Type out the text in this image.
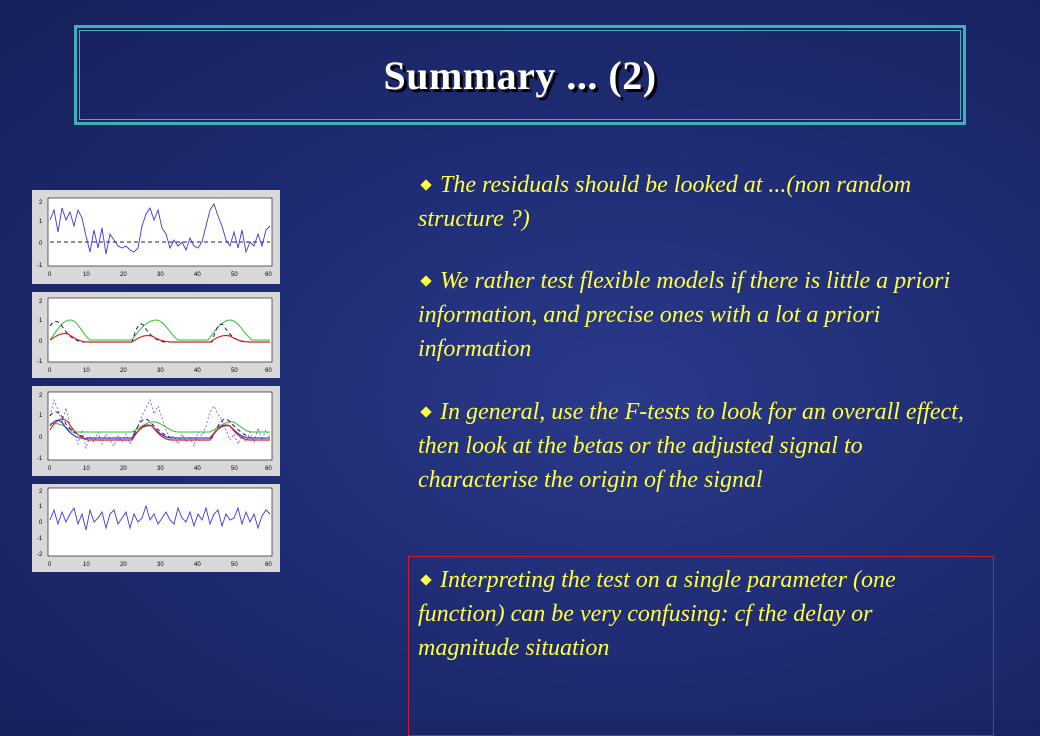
Summary ... (2)
0	10	20	30	40	50	60
2
1
0
-1
0	10	20	30	40	50	60
2
1
0
-1
0	10	20	30	40	50	60
2
1
0
-1
0	10	20	30	40	50	60
2
1
0
-1
-2
The residuals should be looked at ...(non random structure ?)
We rather test flexible models if there is little a priori information, and precise ones with a lot a priori information
In general, use the F-tests to look for an overall effect, then look at the betas or the adjusted signal to characterise the origin of the signal
Interpreting the test on a single parameter (one function) can be very confusing: cf the delay or magnitude situation
